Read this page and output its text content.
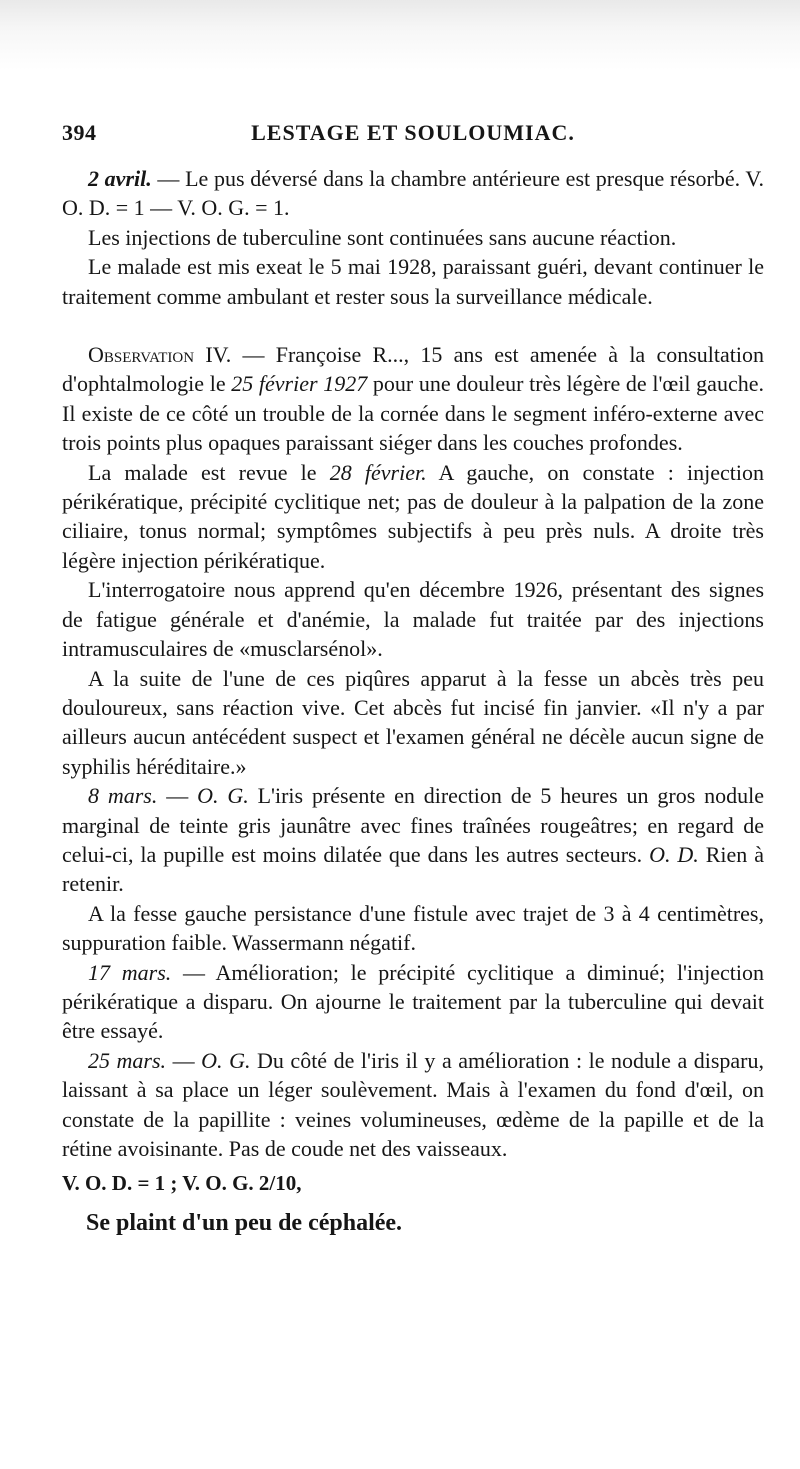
394	LESTAGE ET SOULOUMIAC.

2 avril. — Le pus déversé dans la chambre antérieure est presque résorbé. V. O. D. = 1 — V. O. G. = 1.

Les injections de tuberculine sont continuées sans aucune réaction.

Le malade est mis exeat le 5 mai 1928, paraissant guéri, devant continuer le traitement comme ambulant et rester sous la surveillance médicale.

Observation IV. — Françoise R..., 15 ans est amenée à la consultation d'ophtalmologie le 25 février 1927 pour une douleur très légère de l'œil gauche. Il existe de ce côté un trouble de la cornée dans le segment inféro-externe avec trois points plus opaques paraissant siéger dans les couches profondes.

La malade est revue le 28 février. A gauche, on constate : injection périkératique, précipité cyclitique net; pas de douleur à la palpation de la zone ciliaire, tonus normal; symptômes subjectifs à peu près nuls. A droite très légère injection périkératique.

L'interrogatoire nous apprend qu'en décembre 1926, présentant des signes de fatigue générale et d'anémie, la malade fut traitée par des injections intramusculaires de «musclarsénol».

A la suite de l'une de ces piqûres apparut à la fesse un abcès très peu douloureux, sans réaction vive. Cet abcès fut incisé fin janvier. «Il n'y a par ailleurs aucun antécédent suspect et l'examen général ne décèle aucun signe de syphilis héréditaire.»

8 mars. — O. G. L'iris présente en direction de 5 heures un gros nodule marginal de teinte gris jaunâtre avec fines traînées rougeâtres; en regard de celui-ci, la pupille est moins dilatée que dans les autres secteurs. O. D. Rien à retenir.

A la fesse gauche persistance d'une fistule avec trajet de 3 à 4 centimètres, suppuration faible. Wassermann négatif.

17 mars. — Amélioration; le précipité cyclitique a diminué; l'injection périkératique a disparu. On ajourne le traitement par la tuberculine qui devait être essayé.

25 mars. — O. G. Du côté de l'iris il y a amélioration : le nodule a disparu, laissant à sa place un léger soulèvement. Mais à l'examen du fond d'œil, on constate de la papillite : veines volumineuses, œdème de la papille et de la rétine avoisinante. Pas de coude net des vaisseaux.

V. O. D. = 1 ; V. O. G. 2/10,

Se plaint d'un peu de céphalée.
